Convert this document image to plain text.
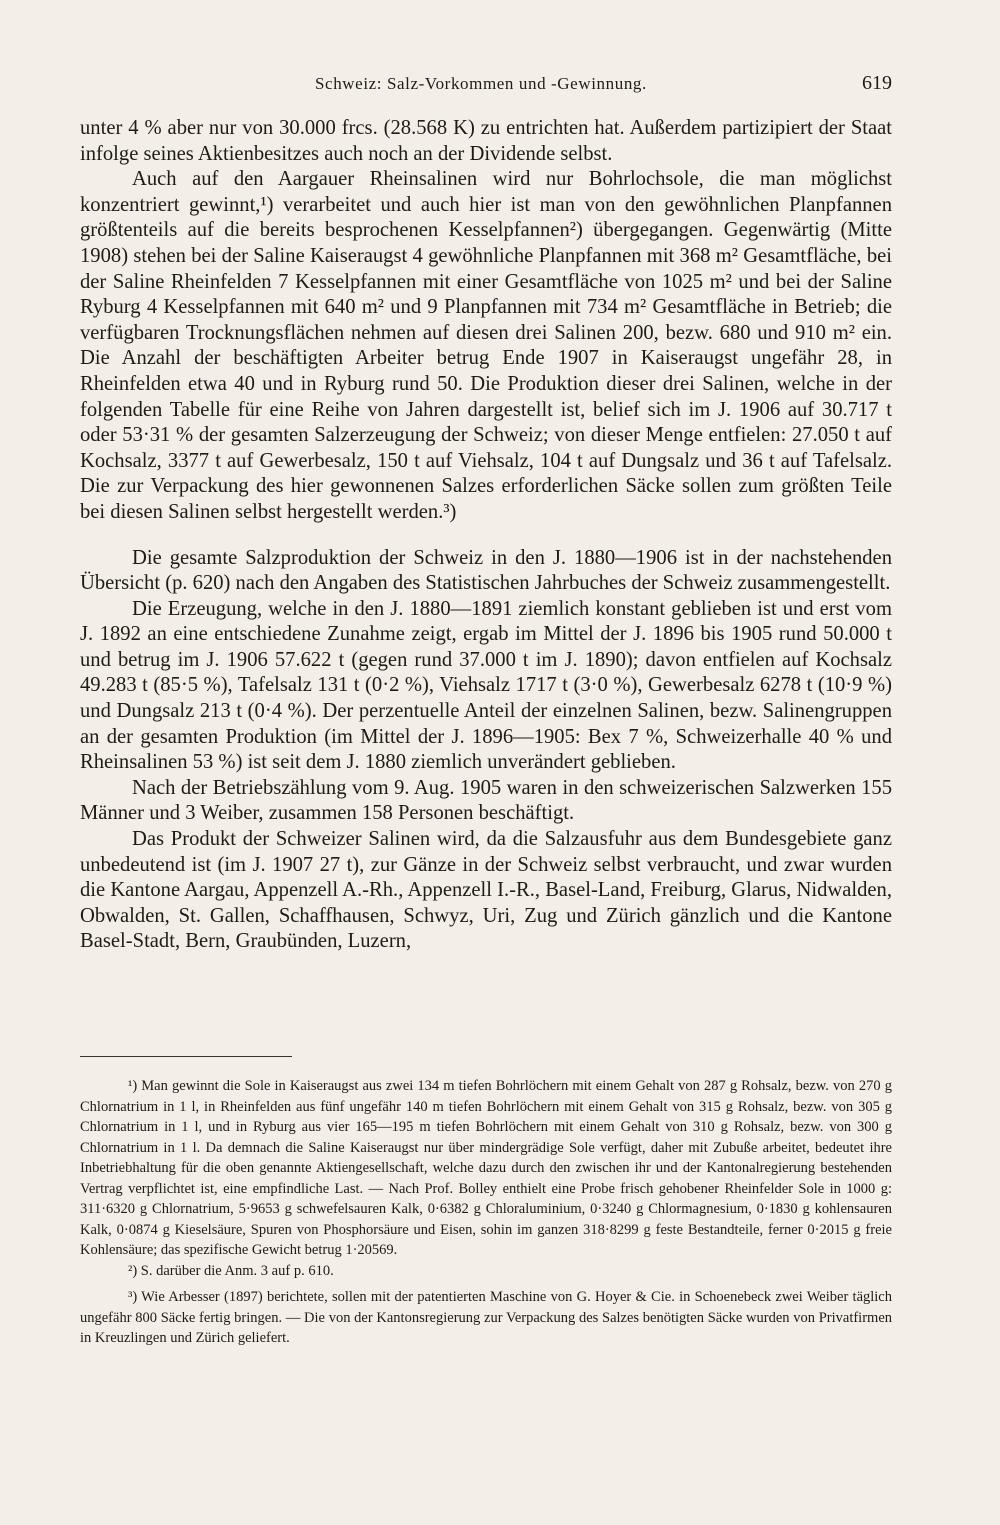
Schweiz: Salz-Vorkommen und -Gewinnung.	619

unter 4 % aber nur von 30.000 frcs. (28.568 K) zu entrichten hat. Außerdem partizipiert der Staat infolge seines Aktienbesitzes auch noch an der Dividende selbst.

Auch auf den Aargauer Rheinsalinen wird nur Bohrlochsole, die man möglichst konzentriert gewinnt,¹) verarbeitet und auch hier ist man von den gewöhnlichen Planpfannen größtenteils auf die bereits besprochenen Kesselpfannen²) übergegangen. Gegenwärtig (Mitte 1908) stehen bei der Saline Kaiseraugst 4 gewöhnliche Planpfannen mit 368 m² Gesamtfläche, bei der Saline Rheinfelden 7 Kesselpfannen mit einer Gesamtfläche von 1025 m² und bei der Saline Ryburg 4 Kesselpfannen mit 640 m² und 9 Planpfannen mit 734 m² Gesamtfläche in Betrieb; die verfügbaren Trocknungsflächen nehmen auf diesen drei Salinen 200, bezw. 680 und 910 m² ein. Die Anzahl der beschäftigten Arbeiter betrug Ende 1907 in Kaiseraugst ungefähr 28, in Rheinfelden etwa 40 und in Ryburg rund 50. Die Produktion dieser drei Salinen, welche in der folgenden Tabelle für eine Reihe von Jahren dargestellt ist, belief sich im J. 1906 auf 30.717 t oder 53·31 % der gesamten Salzerzeugung der Schweiz; von dieser Menge entfielen: 27.050 t auf Kochsalz, 3377 t auf Gewerbesalz, 150 t auf Viehsalz, 104 t auf Dungsalz und 36 t auf Tafelsalz. Die zur Verpackung des hier gewonnenen Salzes erforderlichen Säcke sollen zum größten Teile bei diesen Salinen selbst hergestellt werden.³)

Die gesamte Salzproduktion der Schweiz in den J. 1880—1906 ist in der nachstehenden Übersicht (p. 620) nach den Angaben des Statistischen Jahrbuches der Schweiz zusammengestellt.

Die Erzeugung, welche in den J. 1880—1891 ziemlich konstant geblieben ist und erst vom J. 1892 an eine entschiedene Zunahme zeigt, ergab im Mittel der J. 1896 bis 1905 rund 50.000 t und betrug im J. 1906 57.622 t (gegen rund 37.000 t im J. 1890); davon entfielen auf Kochsalz 49.283 t (85·5 %), Tafelsalz 131 t (0·2 %), Viehsalz 1717 t (3·0 %), Gewerbesalz 6278 t (10·9 %) und Dungsalz 213 t (0·4 %). Der perzentuelle Anteil der einzelnen Salinen, bezw. Salinengruppen an der gesamten Produktion (im Mittel der J. 1896—1905: Bex 7 %, Schweizerhalle 40 % und Rheinsalinen 53 %) ist seit dem J. 1880 ziemlich unverändert geblieben.

Nach der Betriebszählung vom 9. Aug. 1905 waren in den schweizerischen Salzwerken 155 Männer und 3 Weiber, zusammen 158 Personen beschäftigt.

Das Produkt der Schweizer Salinen wird, da die Salzausfuhr aus dem Bundesgebiete ganz unbedeutend ist (im J. 1907 27 t), zur Gänze in der Schweiz selbst verbraucht, und zwar wurden die Kantone Aargau, Appenzell A.-Rh., Appenzell I.-R., Basel-Land, Freiburg, Glarus, Nidwalden, Obwalden, St. Gallen, Schaffhausen, Schwyz, Uri, Zug und Zürich gänzlich und die Kantone Basel-Stadt, Bern, Graubünden, Luzern,

¹) Man gewinnt die Sole in Kaiseraugst aus zwei 134 m tiefen Bohrlöchern mit einem Gehalt von 287 g Rohsalz, bezw. von 270 g Chlornatrium in 1 l, in Rheinfelden aus fünf ungefähr 140 m tiefen Bohrlöchern mit einem Gehalt von 315 g Rohsalz, bezw. von 305 g Chlornatrium in 1 l, und in Ryburg aus vier 165—195 m tiefen Bohrlöchern mit einem Gehalt von 310 g Rohsalz, bezw. von 300 g Chlornatrium in 1 l. Da demnach die Saline Kaiseraugst nur über mindergrädige Sole verfügt, daher mit Zubuße arbeitet, bedeutet ihre Inbetriebhaltung für die oben genannte Aktiengesellschaft, welche dazu durch den zwischen ihr und der Kantonalregierung bestehenden Vertrag verpflichtet ist, eine empfindliche Last. — Nach Prof. Bolley enthielt eine Probe frisch gehobener Rheinfelder Sole in 1000 g: 311·6320 g Chlornatrium, 5·9653 g schwefelsauren Kalk, 0·6382 g Chloraluminium, 0·3240 g Chlormagnesium, 0·1830 g kohlensauren Kalk, 0·0874 g Kieselsäure, Spuren von Phosphorsäure und Eisen, sohin im ganzen 318·8299 g feste Bestandteile, ferner 0·2015 g freie Kohlensäure; das spezifische Gewicht betrug 1·20569.

²) S. darüber die Anm. 3 auf p. 610.

³) Wie Arbesser (1897) berichtete, sollen mit der patentierten Maschine von G. Hoyer & Cie. in Schoenebeck zwei Weiber täglich ungefähr 800 Säcke fertig bringen. — Die von der Kantonsregierung zur Verpackung des Salzes benötigten Säcke wurden von Privatfirmen in Kreuzlingen und Zürich geliefert.
